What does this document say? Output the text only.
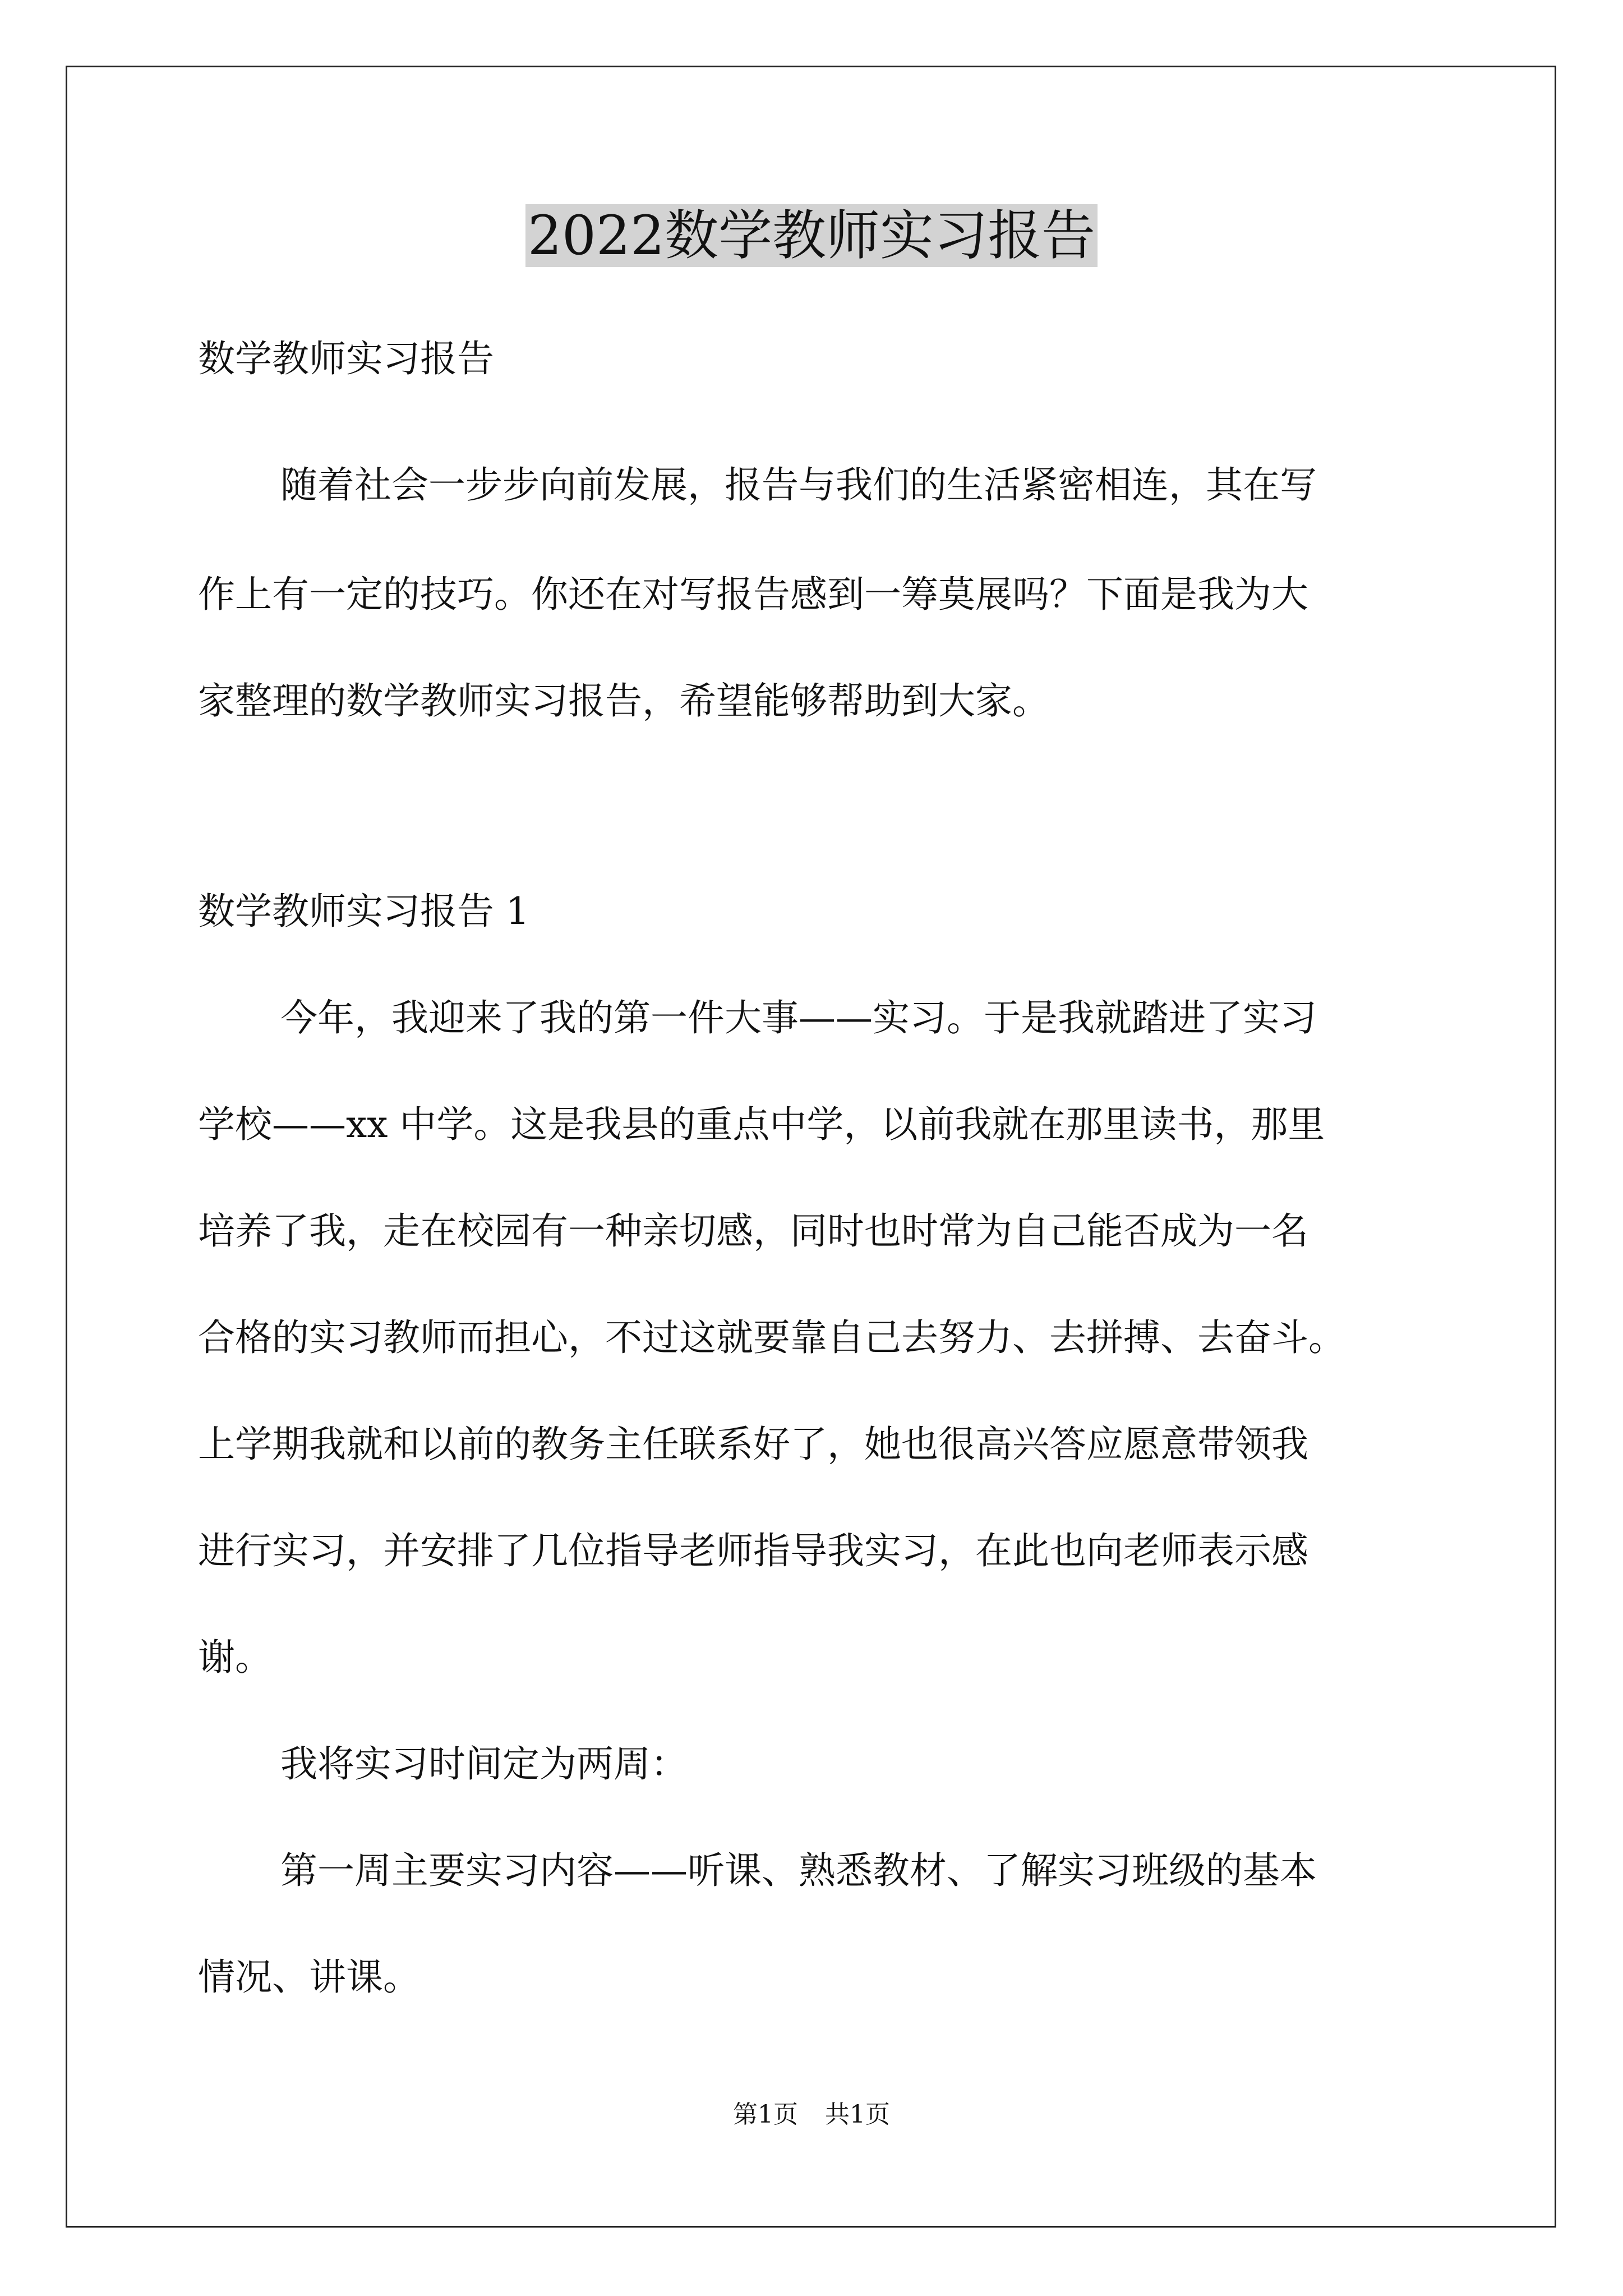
2022数学教师实习报告
数学教师实习报告
随着社会一步步向前发展，报告与我们的生活紧密相连，其在写
作上有一定的技巧。你还在对写报告感到一筹莫展吗？下面是我为大
家整理的数学教师实习报告，希望能够帮助到大家。
数学教师实习报告 1
今年，我迎来了我的第一件大事——实习。于是我就踏进了实习
学校——xx 中学。这是我县的重点中学，以前我就在那里读书，那里
培养了我，走在校园有一种亲切感，同时也时常为自己能否成为一名
合格的实习教师而担心，不过这就要靠自己去努力、去拼搏、去奋斗。
上学期我就和以前的教务主任联系好了，她也很高兴答应愿意带领我
进行实习，并安排了几位指导老师指导我实习，在此也向老师表示感
谢。
我将实习时间定为两周：
第一周主要实习内容——听课、熟悉教材、了解实习班级的基本
情况、讲课。
第1页 共1页
